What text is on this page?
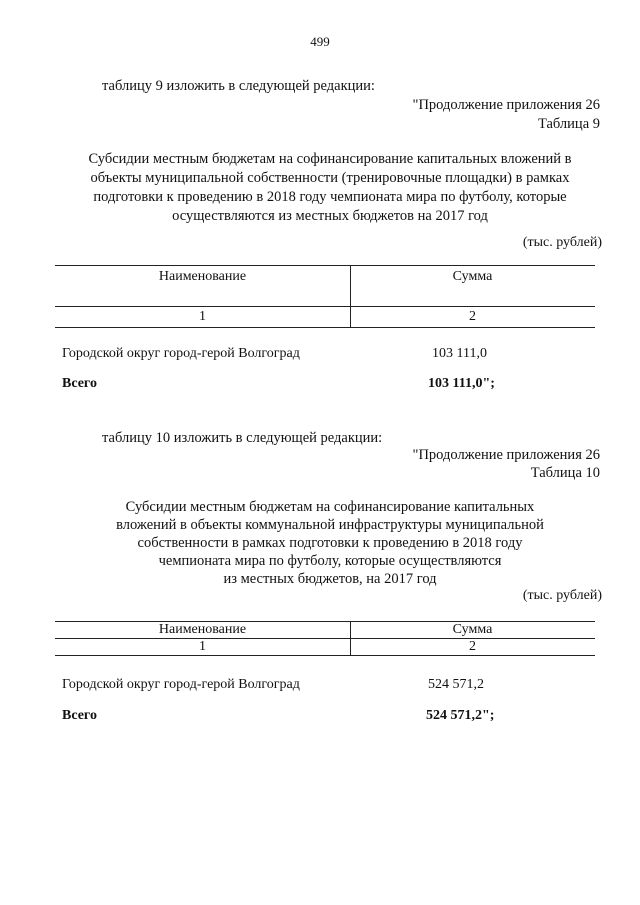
499
таблицу 9 изложить в следующей редакции:
"Продолжение приложения 26
Таблица 9
Субсидии местным бюджетам на софинансирование капитальных вложений в
объекты муниципальной собственности (тренировочные площадки) в рамках
подготовки к проведению в 2018 году чемпионата мира по футболу, которые
осуществляются из местных бюджетов на 2017 год
(тыс. рублей)
Наименование	Сумма
1	2
Городской округ город-герой Волгоград	103 111,0
Всего	103 111,0";
таблицу 10 изложить в следующей редакции:
"Продолжение приложения 26
Таблица 10
Субсидии местным бюджетам на софинансирование капитальных
вложений в объекты коммунальной инфраструктуры муниципальной
собственности в рамках подготовки к проведению в 2018 году
чемпионата мира по футболу, которые осуществляются
из местных бюджетов, на 2017 год
(тыс. рублей)
Наименование	Сумма
1	2
Городской округ город-герой Волгоград	524 571,2
Всего	524 571,2";
